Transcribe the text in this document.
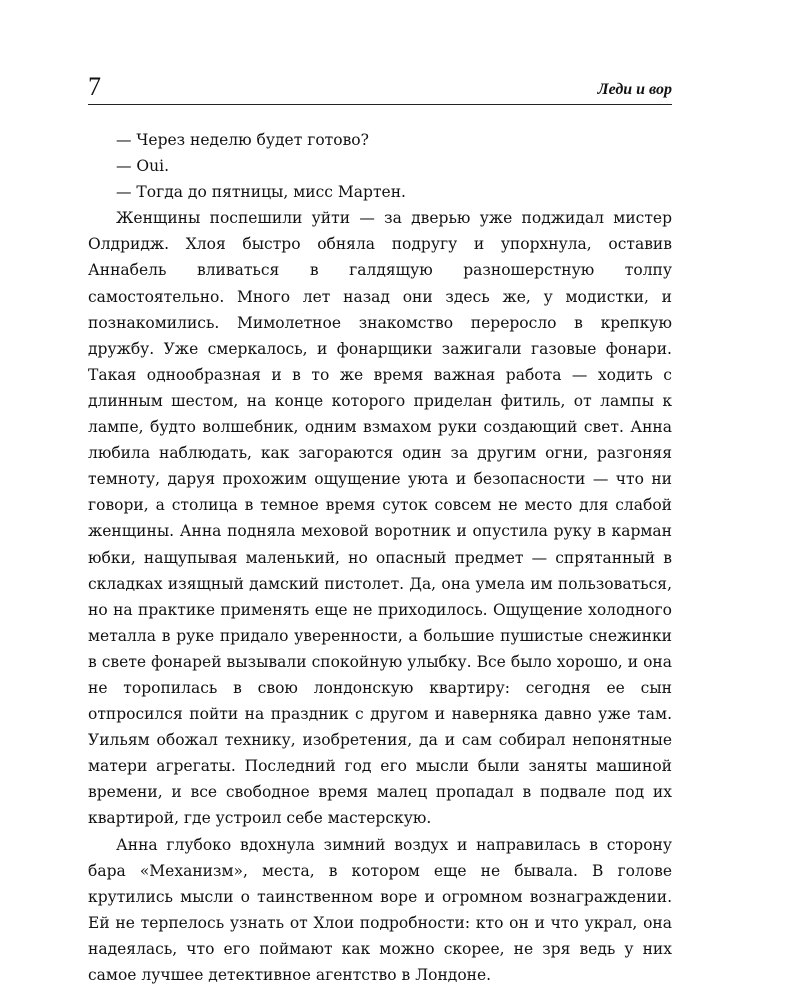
7	Леди и вор

— Через неделю будет готово?

— Oui.

— Тогда до пятницы, мисс Мартен.

Женщины поспешили уйти — за дверью уже поджидал мистер Олдридж. Хлоя быстро обняла подругу и упорхнула, оставив Аннабель вливаться в галдящую разношерстную толпу самостоятельно. Много лет назад они здесь же, у модистки, и познакомились. Мимолетное знакомство переросло в крепкую дружбу. Уже смеркалось, и фонарщики зажигали газовые фонари. Такая однообразная и в то же время важная работа — ходить с длинным шестом, на конце которого приделан фитиль, от лампы к лампе, будто волшебник, одним взмахом руки создающий свет. Анна любила наблюдать, как загораются один за другим огни, разгоняя темноту, даруя прохожим ощущение уюта и безопасности — что ни говори, а столица в темное время суток совсем не место для слабой женщины. Анна подняла меховой воротник и опустила руку в карман юбки, нащупывая маленький, но опасный предмет — спрятанный в складках изящный дамский пистолет. Да, она умела им пользоваться, но на практике применять еще не приходилось. Ощущение холодного металла в руке придало уверенности, а большие пушистые снежинки в свете фонарей вызывали спокойную улыбку. Все было хорошо, и она не торопилась в свою лондонскую квартиру: сегодня ее сын отпросился пойти на праздник с другом и наверняка давно уже там. Уильям обожал технику, изобретения, да и сам собирал непонятные матери агрегаты. Последний год его мысли были заняты машиной времени, и все свободное время малец пропадал в подвале под их квартирой, где устроил себе мастерскую.

Анна глубоко вдохнула зимний воздух и направилась в сторону бара «Механизм», места, в котором еще не бывала. В голове крутились мысли о таинственном воре и огромном вознаграждении. Ей не терпелось узнать от Хлои подробности: кто он и что украл, она надеялась, что его поймают как можно скорее, не зря ведь у них самое лучшее детективное агентство в Лондоне.
